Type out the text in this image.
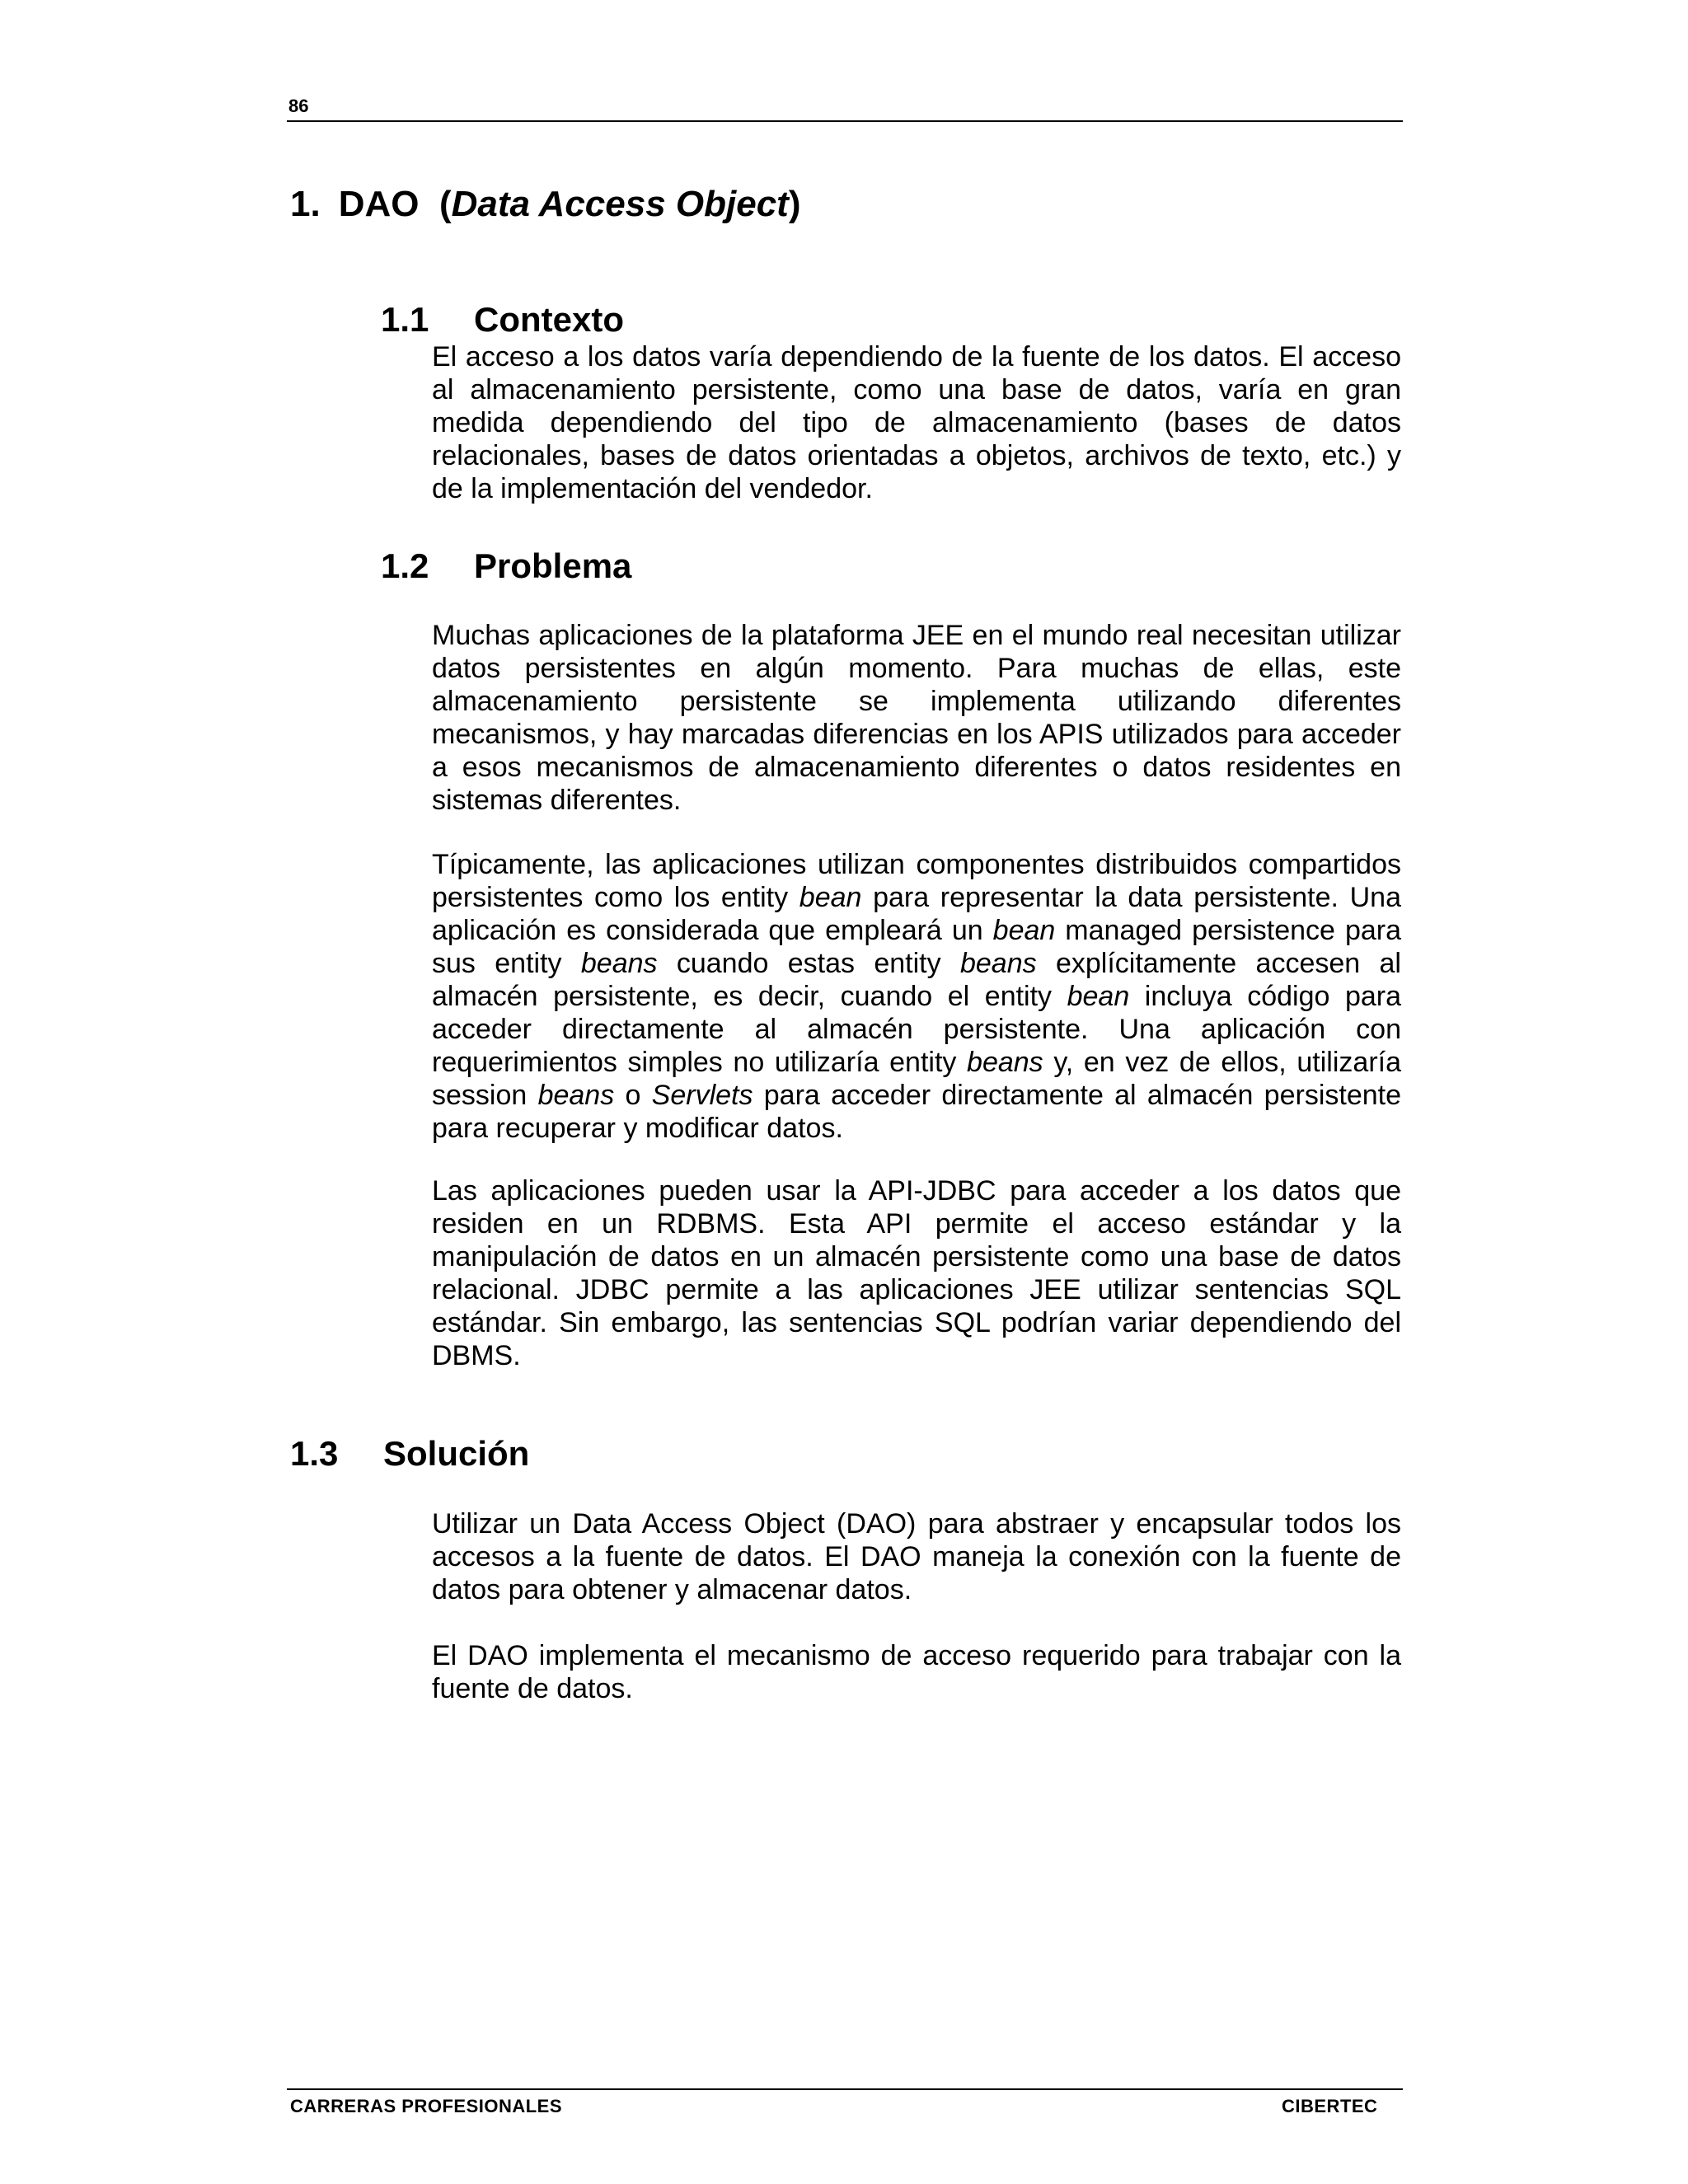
86
1. DAO (Data Access Object)
1.1 Contexto
El acceso a los datos varía dependiendo de la fuente de los datos. El acceso al almacenamiento persistente, como una base de datos, varía en gran medida dependiendo del tipo de almacenamiento (bases de datos relacionales, bases de datos orientadas a objetos, archivos de texto, etc.) y de la implementación del vendedor.
1.2 Problema
Muchas aplicaciones de la plataforma JEE en el mundo real necesitan utilizar datos persistentes en algún momento. Para muchas de ellas, este almacenamiento persistente se implementa utilizando diferentes mecanismos, y hay marcadas diferencias en los APIS utilizados para acceder a esos mecanismos de almacenamiento diferentes o datos residentes en sistemas diferentes.
Típicamente, las aplicaciones utilizan componentes distribuidos compartidos persistentes como los entity bean para representar la data persistente. Una aplicación es considerada que empleará un bean managed persistence para sus entity beans cuando estas entity beans explícitamente accesen al almacén persistente, es decir, cuando el entity bean incluya código para acceder directamente al almacén persistente. Una aplicación con requerimientos simples no utilizaría entity beans y, en vez de ellos, utilizaría session beans o Servlets para acceder directamente al almacén persistente para recuperar y modificar datos.
Las aplicaciones pueden usar la API-JDBC para acceder a los datos que residen en un RDBMS. Esta API permite el acceso estándar y la manipulación de datos en un almacén persistente como una base de datos relacional. JDBC permite a las aplicaciones JEE utilizar sentencias SQL estándar. Sin embargo, las sentencias SQL podrían variar dependiendo del DBMS.
1.3 Solución
Utilizar un Data Access Object (DAO) para abstraer y encapsular todos los accesos a la fuente de datos. El DAO maneja la conexión con la fuente de datos para obtener y almacenar datos.
El DAO implementa el mecanismo de acceso requerido para trabajar con la fuente de datos.
CARRERAS PROFESIONALES	CIBERTEC
